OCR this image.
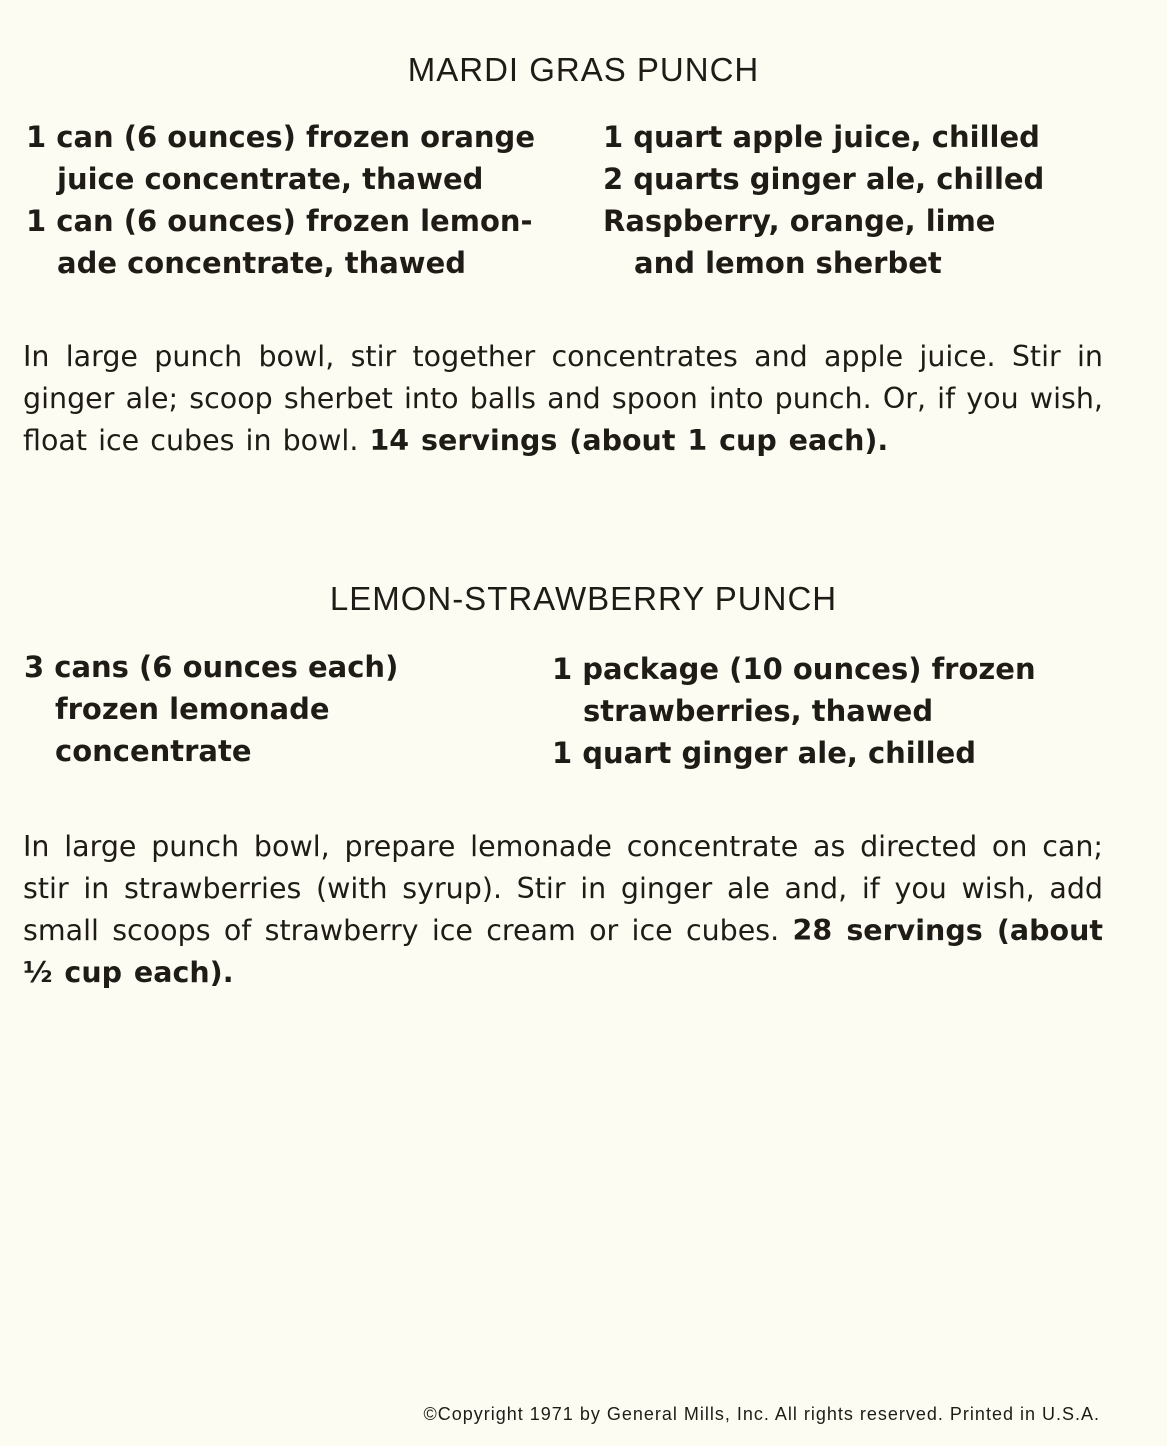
MARDI GRAS PUNCH

1 can (6 ounces) frozen orange
juice concentrate, thawed

1 can (6 ounces) frozen lemon-
ade concentrate, thawed

1 quart apple juice, chilled

2 quarts ginger ale, chilled

Raspberry, orange, lime
and lemon sherbet

In large punch bowl, stir together concentrates and apple juice. Stir in ginger ale; scoop sherbet into balls and spoon into punch. Or, if you wish, float ice cubes in bowl. 14 servings (about 1 cup each).

LEMON-STRAWBERRY PUNCH

3 cans (6 ounces each)
frozen lemonade
concentrate

1 package (10 ounces) frozen
strawberries, thawed

1 quart ginger ale, chilled

In large punch bowl, prepare lemonade concentrate as directed on can; stir in strawberries (with syrup). Stir in ginger ale and, if you wish, add small scoops of strawberry ice cream or ice cubes. 28 servings (about ½ cup each).

©Copyright 1971 by General Mills, Inc. All rights reserved. Printed in U.S.A.
